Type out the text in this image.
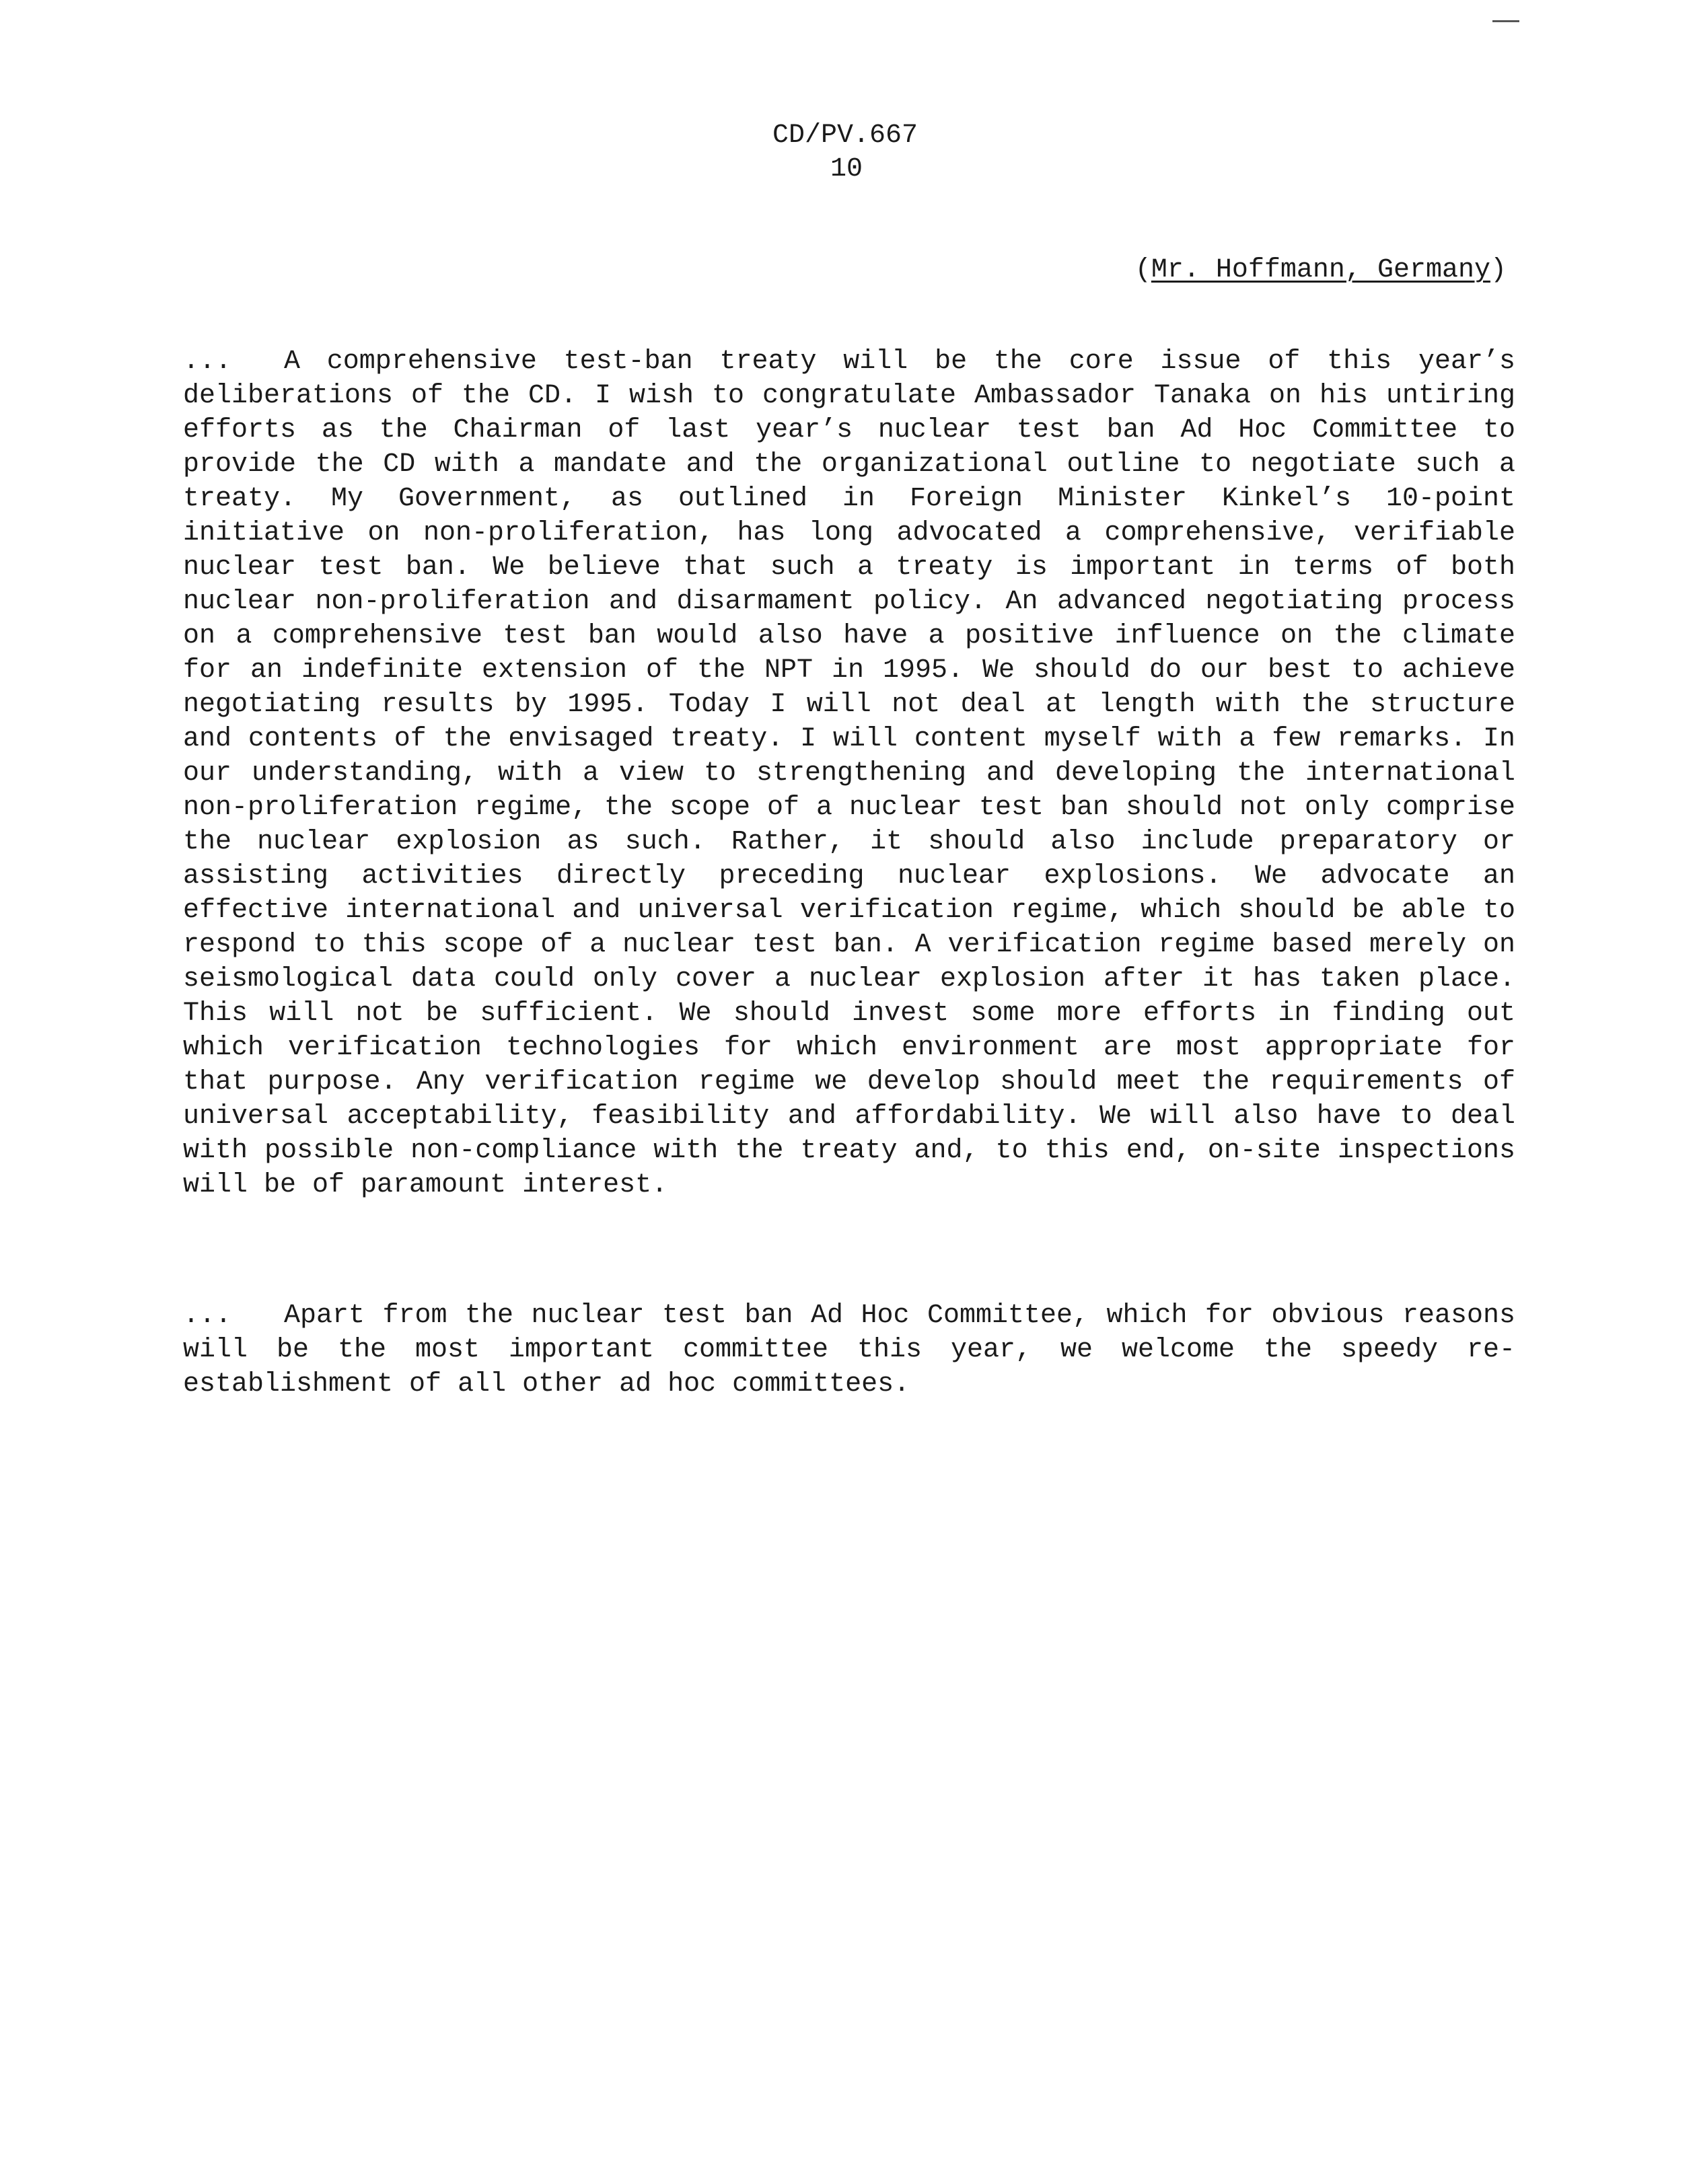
CD/PV.667
10
(Mr. Hoffmann, Germany)

... A comprehensive test-ban treaty will be the core issue of this year’s deliberations of the CD. I wish to congratulate Ambassador Tanaka on his untiring efforts as the Chairman of last year’s nuclear test ban Ad Hoc Committee to provide the CD with a mandate and the organizational outline to negotiate such a treaty. My Government, as outlined in Foreign Minister Kinkel’s 10-point initiative on non-proliferation, has long advocated a comprehensive, verifiable nuclear test ban. We believe that such a treaty is important in terms of both nuclear non-proliferation and disarmament policy. An advanced negotiating process on a comprehensive test ban would also have a positive influence on the climate for an indefinite extension of the NPT in 1995. We should do our best to achieve negotiating results by 1995. Today I will not deal at length with the structure and contents of the envisaged treaty. I will content myself with a few remarks. In our understanding, with a view to strengthening and developing the international non-proliferation regime, the scope of a nuclear test ban should not only comprise the nuclear explosion as such. Rather, it should also include preparatory or assisting activities directly preceding nuclear explosions. We advocate an effective international and universal verification regime, which should be able to respond to this scope of a nuclear test ban. A verification regime based merely on seismological data could only cover a nuclear explosion after it has taken place. This will not be sufficient. We should invest some more efforts in finding out which verification technologies for which environment are most appropriate for that purpose. Any verification regime we develop should meet the requirements of universal acceptability, feasibility and affordability. We will also have to deal with possible non-compliance with the treaty and, to this end, on-site inspections will be of paramount interest.

... Apart from the nuclear test ban Ad Hoc Committee, which for obvious reasons will be the most important committee this year, we welcome the speedy re-establishment of all other ad hoc committees.
